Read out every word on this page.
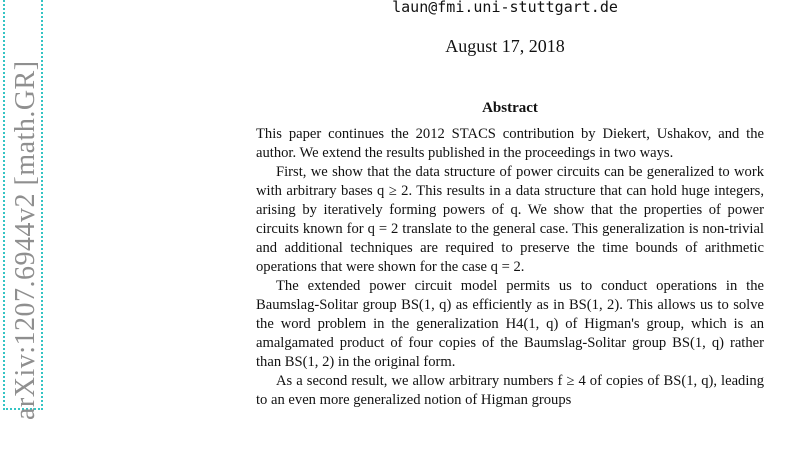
arXiv:1207.6944v2 [math.GR]
laun@fmi.uni-stuttgart.de
August 17, 2018
Abstract

This paper continues the 2012 STACS contribution by Diekert, Ushakov, and the author. We extend the results published in the proceedings in two ways.

First, we show that the data structure of power circuits can be generalized to work with arbitrary bases q ≥ 2. This results in a data structure that can hold huge integers, arising by iteratively forming powers of q. We show that the properties of power circuits known for q = 2 translate to the general case. This generalization is non-trivial and additional techniques are required to preserve the time bounds of arithmetic operations that were shown for the case q = 2.

The extended power circuit model permits us to conduct operations in the Baumslag-Solitar group BS(1, q) as efficiently as in BS(1, 2). This allows us to solve the word problem in the generalization H4(1, q) of Higman's group, which is an amalgamated product of four copies of the Baumslag-Solitar group BS(1, q) rather than BS(1, 2) in the original form.

As a second result, we allow arbitrary numbers f ≥ 4 of copies of BS(1, q), leading to an even more generalized notion of Higman groups
